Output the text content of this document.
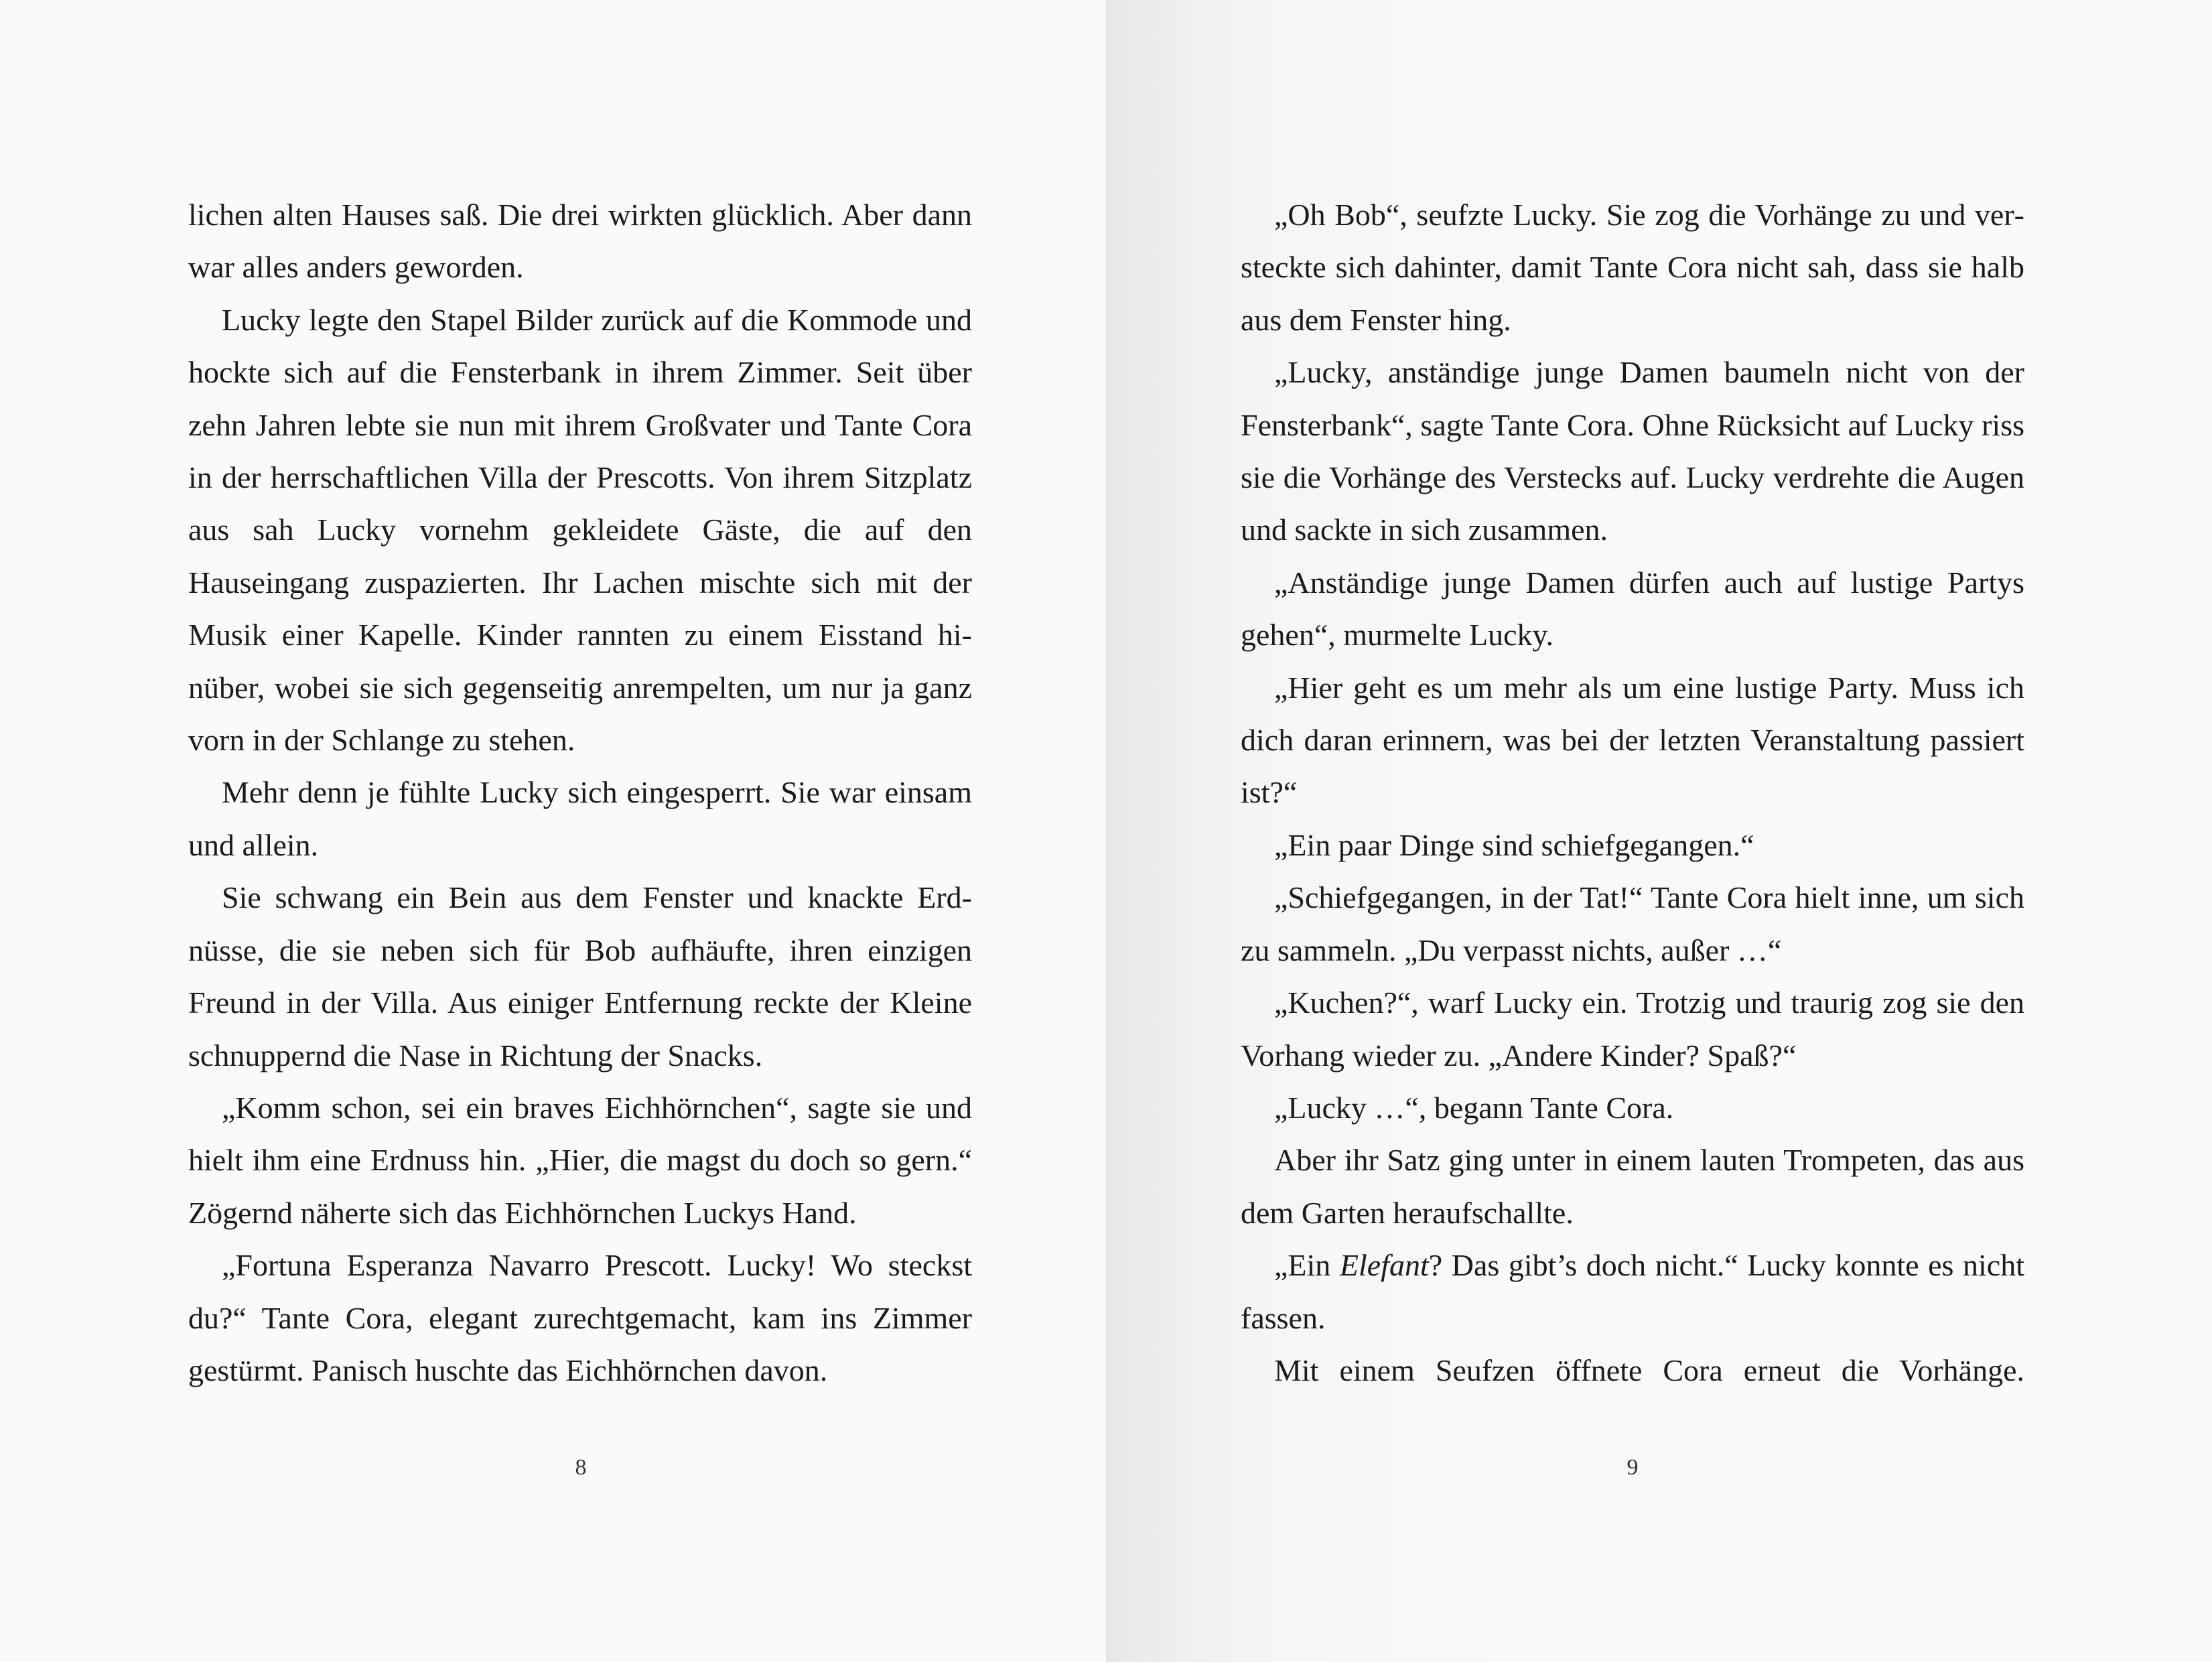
lichen alten Hauses saß. Die drei wirkten glücklich. Aber dann war alles anders geworden.

Lucky legte den Stapel Bilder zurück auf die Kommode und hockte sich auf die Fensterbank in ihrem Zimmer. Seit über zehn Jahren lebte sie nun mit ihrem Großvater und Tante Cora in der herrschaftlichen Villa der Prescotts. Von ihrem Sitzplatz aus sah Lucky vornehm gekleidete Gäste, die auf den Hauseingang zuspazierten. Ihr Lachen mischte sich mit der Musik einer Kapelle. Kinder rannten zu einem Eisstand hinüber, wobei sie sich gegenseitig anrempelten, um nur ja ganz vorn in der Schlange zu stehen.

Mehr denn je fühlte Lucky sich eingesperrt. Sie war einsam und allein.

Sie schwang ein Bein aus dem Fenster und knackte Erdnüsse, die sie neben sich für Bob aufhäufte, ihren einzigen Freund in der Villa. Aus einiger Entfernung reckte der Kleine schnuppernd die Nase in Richtung der Snacks.

„Komm schon, sei ein braves Eichhörnchen“, sagte sie und hielt ihm eine Erdnuss hin. „Hier, die magst du doch so gern.“ Zögernd näherte sich das Eichhörnchen Luckys Hand.

„Fortuna Esperanza Navarro Prescott. Lucky! Wo steckst du?“ Tante Cora, elegant zurechtgemacht, kam ins Zimmer gestürmt. Panisch huschte das Eichhörnchen davon.

8

„Oh Bob“, seufzte Lucky. Sie zog die Vorhänge zu und versteckte sich dahinter, damit Tante Cora nicht sah, dass sie halb aus dem Fenster hing.

„Lucky, anständige junge Damen baumeln nicht von der Fensterbank“, sagte Tante Cora. Ohne Rücksicht auf Lucky riss sie die Vorhänge des Verstecks auf. Lucky verdrehte die Augen und sackte in sich zusammen.

„Anständige junge Damen dürfen auch auf lustige Partys gehen“, murmelte Lucky.

„Hier geht es um mehr als um eine lustige Party. Muss ich dich daran erinnern, was bei der letzten Veranstaltung passiert ist?“

„Ein paar Dinge sind schiefgegangen.“

„Schiefgegangen, in der Tat!“ Tante Cora hielt inne, um sich zu sammeln. „Du verpasst nichts, außer …“

„Kuchen?“, warf Lucky ein. Trotzig und traurig zog sie den Vorhang wieder zu. „Andere Kinder? Spaß?“

„Lucky …“, begann Tante Cora.

Aber ihr Satz ging unter in einem lauten Trompeten, das aus dem Garten heraufschallte.

„Ein Elefant? Das gibt’s doch nicht.“ Lucky konnte es nicht fassen.

Mit einem Seufzen öffnete Cora erneut die Vorhänge.

9
